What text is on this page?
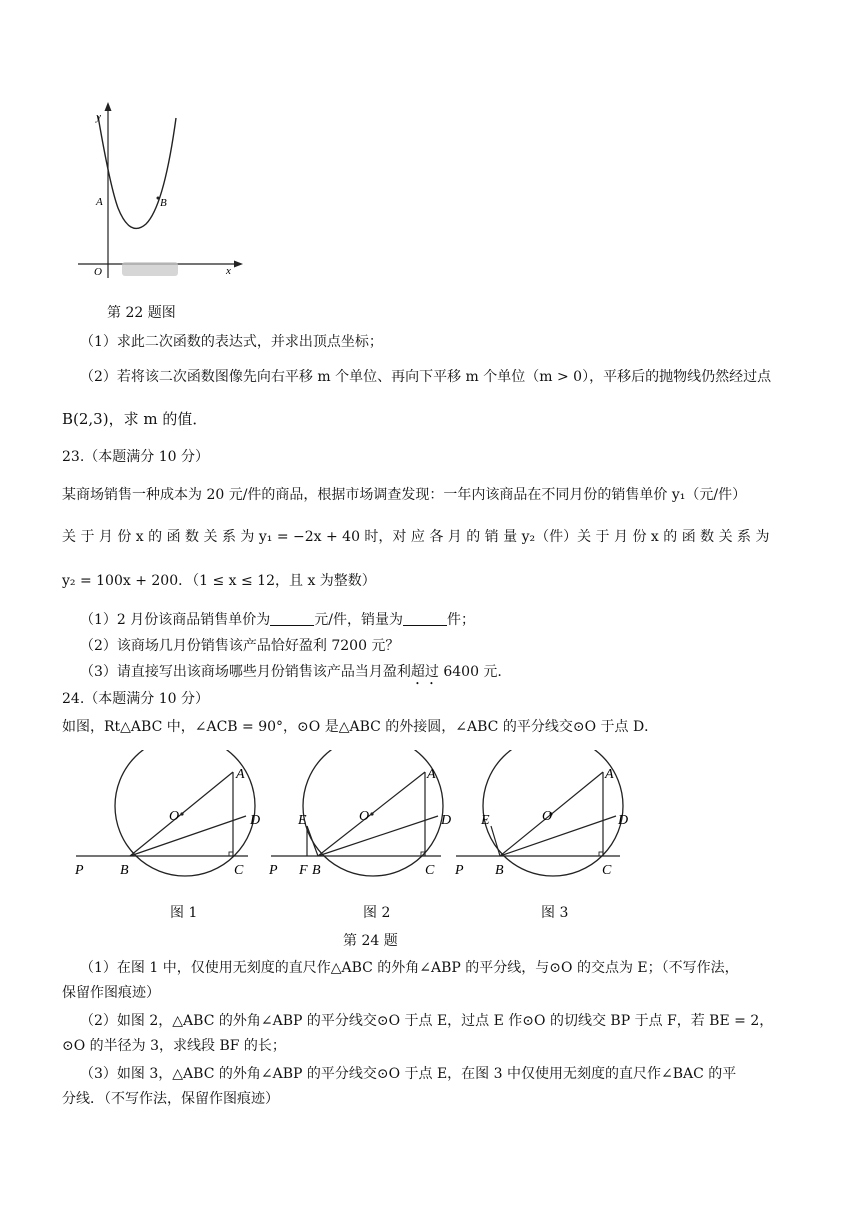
y
x
O
A	B
第 22 题图
（1）求此二次函数的表达式，并求出顶点坐标；
（2）若将该二次函数图像先向右平移 m 个单位、再向下平移 m 个单位（m > 0），平移后的抛物线仍然经过点
B(2,3)，求 m 的值．
23.（本题满分 10 分）
某商场销售一种成本为 20 元/件的商品，根据市场调查发现：一年内该商品在不同月份的销售单价 y₁（元/件）
关 于 月 份 x 的 函 数 关 系 为 y₁ = −2x + 40 时，对 应 各 月 的 销 量 y₂（件）关 于 月 份 x 的 函 数 关 系 为
y₂ = 100x + 200．（1 ≤ x ≤ 12，且 x 为整数）
（1）2 月份该商品销售单价为	元/件，销量为	件；
（2）该商场几月份销售该产品恰好盈利 7200 元？
（3）请直接写出该商场哪些月份销售该产品当月盈利超过 6400 元.
24.（本题满分 10 分）
如图，Rt△ABC 中，∠ACB = 90°，⊙O 是△ABC 的外接圆，∠ABC 的平分线交⊙O 于点 D．
A
O	D
P	B	C
A
O	D
E
P F B	C
A
O	D
E
P B	C
图 1	图 2	图 3
第 24 题
（1）在图 1 中，仅使用无刻度的直尺作△ABC 的外角∠ABP 的平分线，与⊙O 的交点为 E；（不写作法，
保留作图痕迹）
（2）如图 2，△ABC 的外角∠ABP 的平分线交⊙O 于点 E，过点 E 作⊙O 的切线交 BP 于点 F，若 BE = 2，
⊙O 的半径为 3，求线段 BF 的长；
（3）如图 3，△ABC 的外角∠ABP 的平分线交⊙O 于点 E，在图 3 中仅使用无刻度的直尺作∠BAC 的平
分线．（不写作法，保留作图痕迹）
